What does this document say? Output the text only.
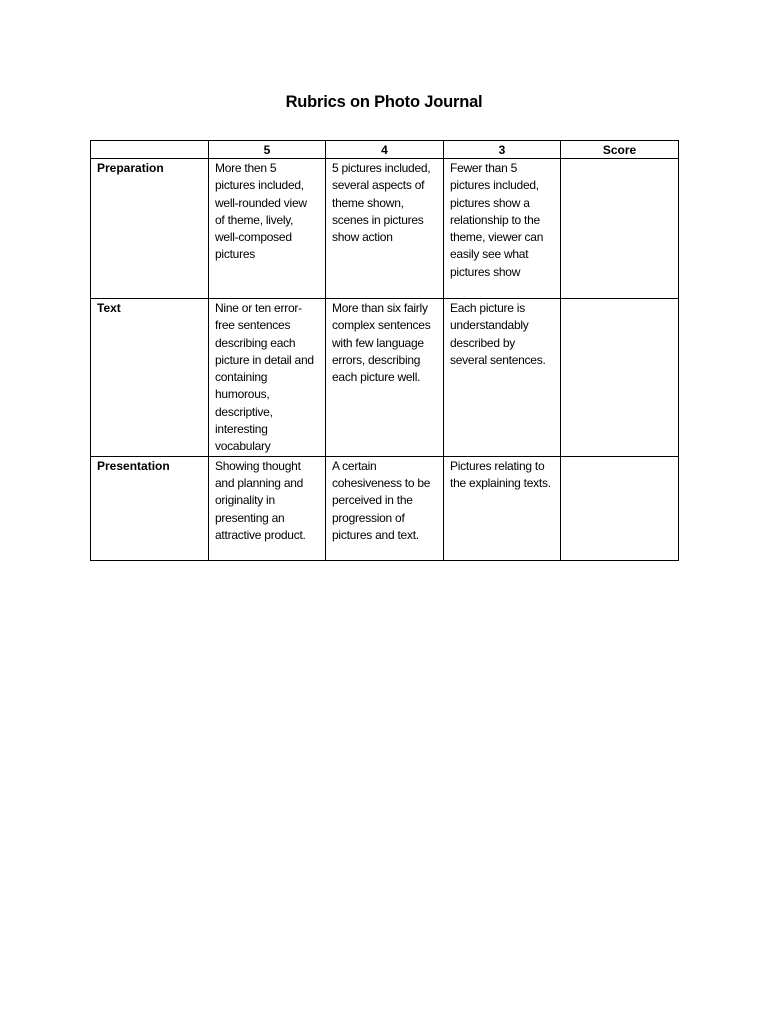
Rubrics on Photo Journal
	5	4	3	Score
Preparation	More then 5 pictures included, well-rounded view of theme, lively, well-composed pictures	5 pictures included, several aspects of theme shown, scenes in pictures show action	Fewer than 5 pictures included, pictures show a relationship to the theme, viewer can easily see what pictures show	
Text	Nine or ten error-free sentences describing each picture in detail and containing humorous, descriptive, interesting vocabulary	More than six fairly complex sentences with few language errors, describing each picture well.	Each picture is understandably described by several sentences.	
Presentation	Showing thought and planning and originality in presenting an attractive product.	A certain cohesiveness to be perceived in the progression of pictures and text.	Pictures relating to the explaining texts.	
